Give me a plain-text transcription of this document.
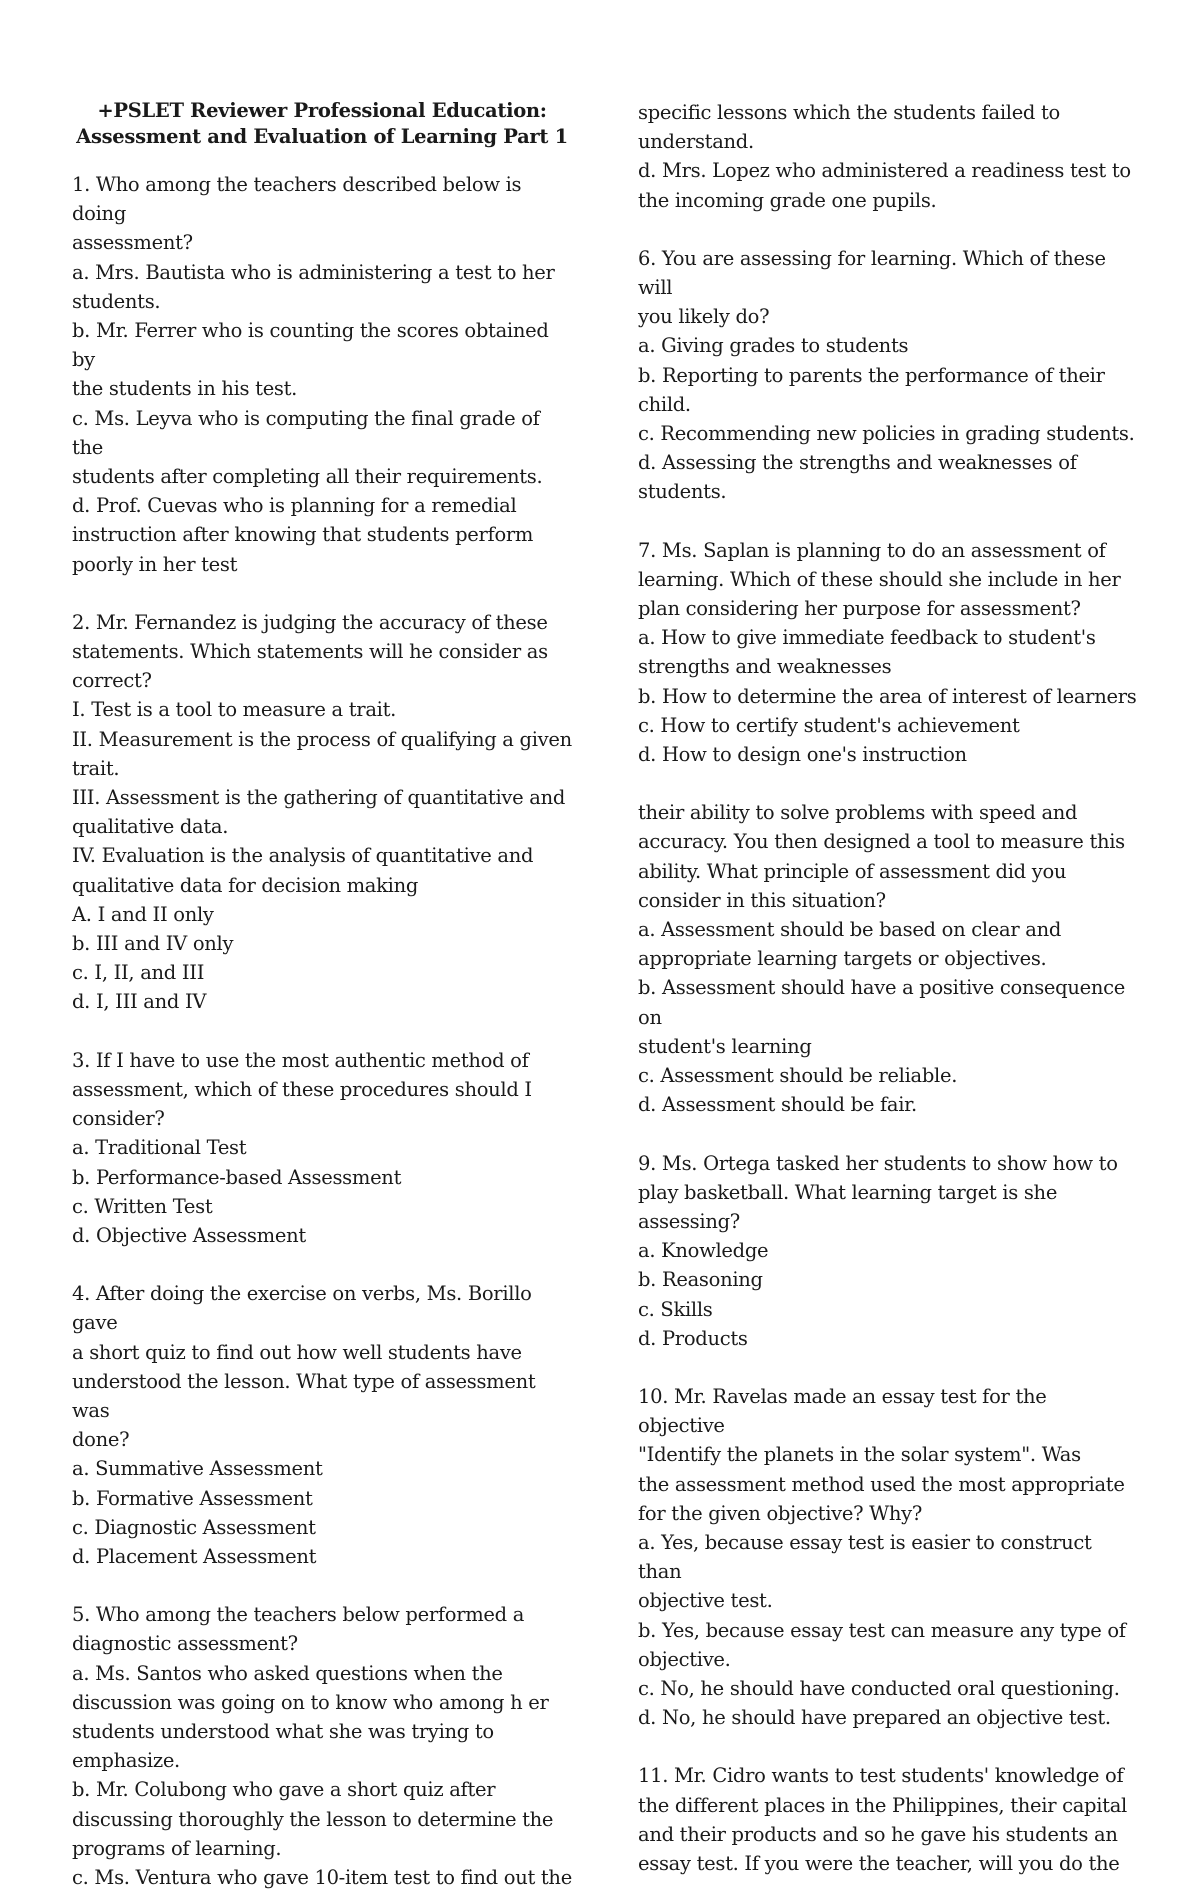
+PSLET Reviewer Professional Education:
Assessment and Evaluation of Learning Part 1
1. Who among the teachers described below is doing
assessment?
a. Mrs. Bautista who is administering a test to her
students.
b. Mr. Ferrer who is counting the scores obtained by
the students in his test.
c. Ms. Leyva who is computing the final grade of the
students after completing all their requirements.
d. Prof. Cuevas who is planning for a remedial
instruction after knowing that students perform
poorly in her test
2. Mr. Fernandez is judging the accuracy of these
statements. Which statements will he consider as
correct?
I. Test is a tool to measure a trait.
II. Measurement is the process of qualifying a given
trait.
III. Assessment is the gathering of quantitative and
qualitative data.
IV. Evaluation is the analysis of quantitative and
qualitative data for decision making
A. I and II only
b. III and IV only
c. I, II, and III
d. I, III and IV
3. If I have to use the most authentic method of
assessment, which of these procedures should I
consider?
a. Traditional Test
b. Performance-based Assessment
c. Written Test
d. Objective Assessment
4. After doing the exercise on verbs, Ms. Borillo gave
a short quiz to find out how well students have
understood the lesson. What type of assessment was
done?
a. Summative Assessment
b. Formative Assessment
c. Diagnostic Assessment
d. Placement Assessment
5. Who among the teachers below performed a
diagnostic assessment?
a. Ms. Santos who asked questions when the
discussion was going on to know who among h er
students understood what she was trying to
emphasize.
b. Mr. Colubong who gave a short quiz after
discussing thoroughly the lesson to determine the
programs of learning.
c. Ms. Ventura who gave 10-item test to find out the
specific lessons which the students failed to
understand.
d. Mrs. Lopez who administered a readiness test to
the incoming grade one pupils.
6. You are assessing for learning. Which of these will
you likely do?
a. Giving grades to students
b. Reporting to parents the performance of their
child.
c. Recommending new policies in grading students.
d. Assessing the strengths and weaknesses of
students.
7. Ms. Saplan is planning to do an assessment of
learning. Which of these should she include in her
plan considering her purpose for assessment?
a. How to give immediate feedback to student's
strengths and weaknesses
b. How to determine the area of interest of learners
c. How to certify student's achievement
d. How to design one's instruction
their ability to solve problems with speed and
accuracy. You then designed a tool to measure this
ability. What principle of assessment did you
consider in this situation?
a. Assessment should be based on clear and
appropriate learning targets or objectives.
b. Assessment should have a positive consequence on
student's learning
c. Assessment should be reliable.
d. Assessment should be fair.
9. Ms. Ortega tasked her students to show how to
play basketball. What learning target is she
assessing?
a. Knowledge
b. Reasoning
c. Skills
d. Products
10. Mr. Ravelas made an essay test for the objective
"Identify the planets in the solar system". Was
the assessment method used the most appropriate
for the given objective? Why?
a. Yes, because essay test is easier to construct than
objective test.
b. Yes, because essay test can measure any type of
objective.
c. No, he should have conducted oral questioning.
d. No, he should have prepared an objective test.
11. Mr. Cidro wants to test students' knowledge of
the different places in the Philippines, their capital
and their products and so he gave his students an
essay test. If you were the teacher, will you do the
